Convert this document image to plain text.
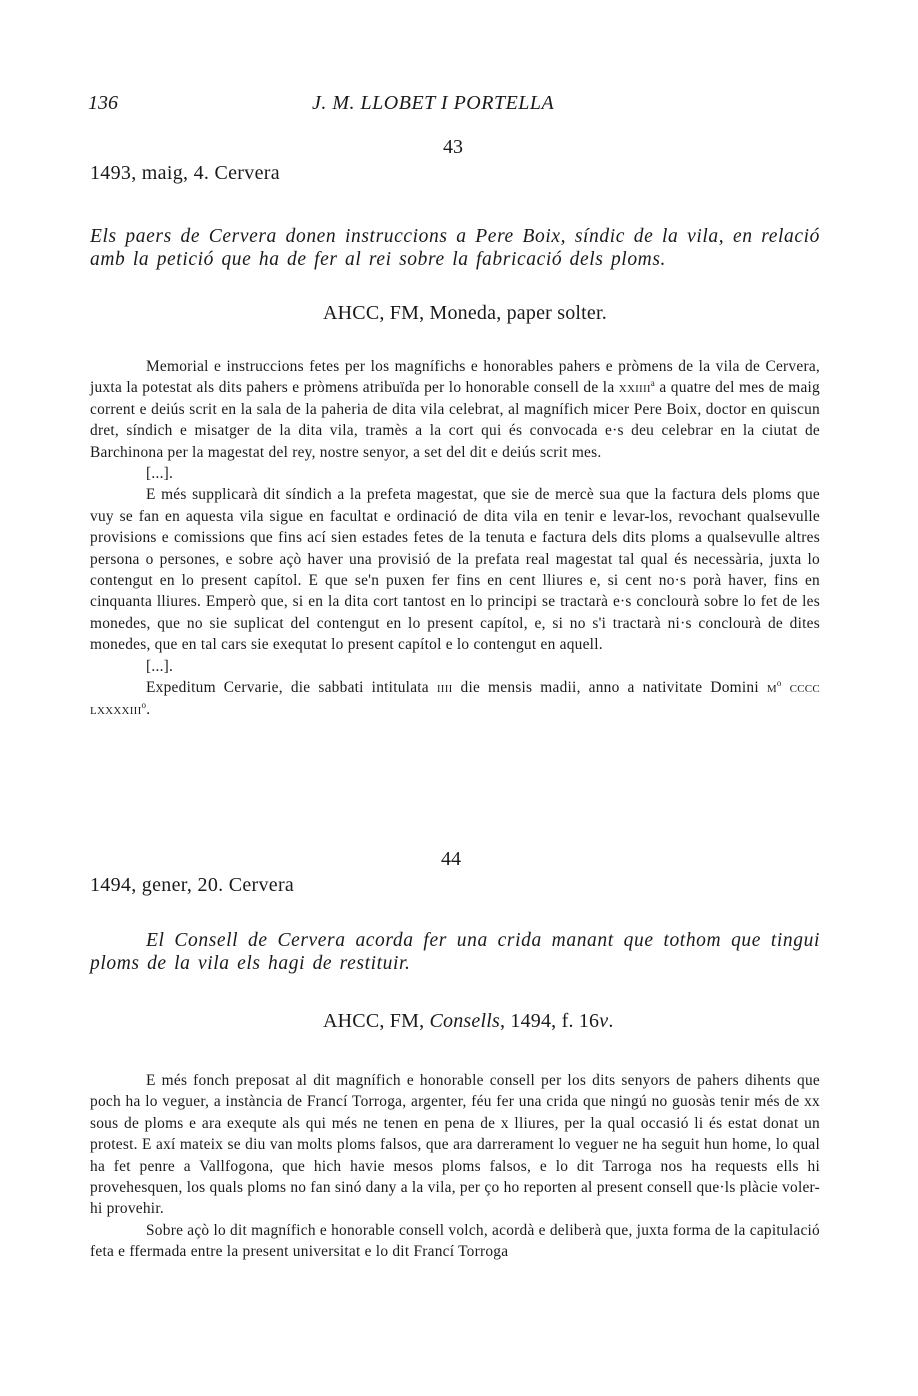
136	J. M. LLOBET I PORTELLA
43
1493, maig, 4. Cervera
Els paers de Cervera donen instruccions a Pere Boix, síndic de la vila, en relació amb la petició que ha de fer al rei sobre la fabricació dels ploms.
AHCC, FM, Moneda, paper solter.

Memorial e instruccions fetes per los magnífichs e honorables pahers e pròmens de la vila de Cervera, juxta la potestat als dits pahers e pròmens atribuïda per lo honorable consell de la xxiiii$^a$ a quatre del mes de maig corrent e deiús scrit en la sala de la paheria de dita vila celebrat, al magnífich micer Pere Boix, doctor en quiscun dret, síndich e misatger de la dita vila, tramès a la cort qui és convocada e·s deu celebrar en la ciutat de Barchinona per la magestat del rey, nostre senyor, a set del dit e deiús scrit mes.

[...].

E més supplicarà dit síndich a la prefeta magestat, que sie de mercè sua que la factura dels ploms que vuy se fan en aquesta vila sigue en facultat e ordinació de dita vila en tenir e levar-los, revochant qualsevulle provisions e comissions que fins ací sien estades fetes de la tenuta e factura dels dits ploms a qualsevulle altres persona o persones, e sobre açò haver una provisió de la prefata real magestat tal qual és necessària, juxta lo contengut en lo present capítol. E que se'n puxen fer fins en cent lliures e, si cent no·s porà haver, fins en cinquanta lliures. Emperò que, si en la dita cort tantost en lo principi se tractarà e·s conclourà sobre lo fet de les monedes, que no sie suplicat del contengut en lo present capítol, e, si no s'i tractarà ni·s conclourà de dites monedes, que en tal cars sie exequtat lo present capítol e lo contengut en aquell.

[...].

Expeditum Cervarie, die sabbati intitulata iiii die mensis madii, anno a nativitate Domini $m^o$ cccc lxxxxiii$^o$.

44
1494, gener, 20. Cervera
El Consell de Cervera acorda fer una crida manant que tothom que tingui ploms de la vila els hagi de restituir.
AHCC, FM, Consells, 1494, f. 16v.

E més fonch preposat al dit magnífich e honorable consell per los dits senyors de pahers dihents que poch ha lo veguer, a instància de Francí Torroga, argenter, féu fer una crida que ningú no guosàs tenir més de xx sous de ploms e ara exequte als qui més ne tenen en pena de x lliures, per la qual occasió li és estat donat un protest. E axí mateix se diu van molts ploms falsos, que ara darrerament lo veguer ne ha seguit hun home, lo qual ha fet penre a Vallfogona, que hich havie mesos ploms falsos, e lo dit Tarroga nos ha requests ells hi provehesquen, los quals ploms no fan sinó dany a la vila, per ço ho reporten al present consell que·ls plàcie voler-hi provehir.

Sobre açò lo dit magnífich e honorable consell volch, acordà e deliberà que, juxta forma de la capitulació feta e ffermada entre la present universitat e lo dit Francí Torroga
